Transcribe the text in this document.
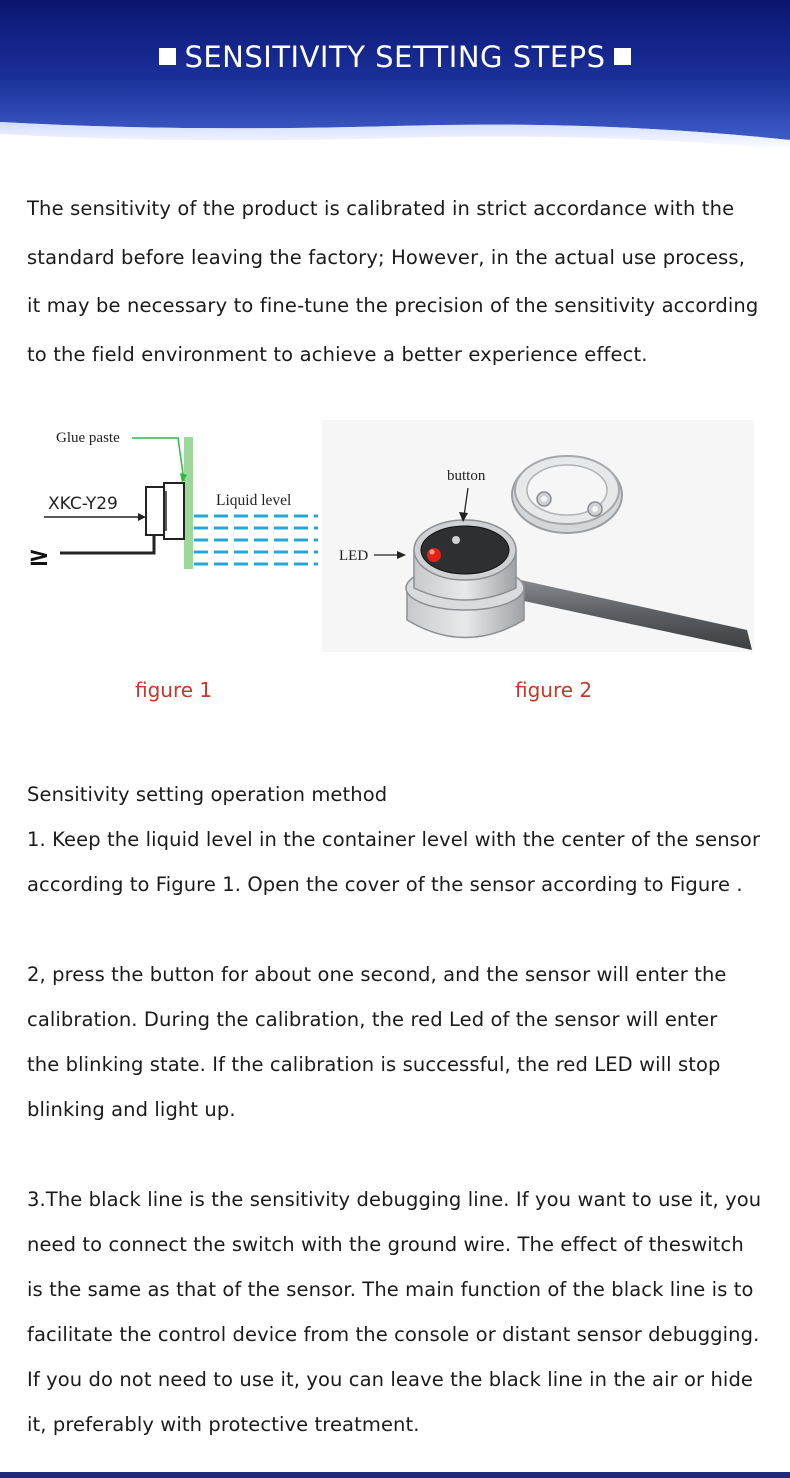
SENSITIVITY SETTING STEPS
The sensitivity of the product is calibrated in strict accordance with the
standard before leaving the factory; However, in the actual use process,
it may be necessary to fine-tune the precision of the sensitivity according
to the field environment to achieve a better experience effect.
≥
Glue paste
XKC-Y29	Liquid level
button
LED
figure 1	figure 2
Sensitivity setting operation method
1. Keep the liquid level in the container level with the center of the sensor
according to Figure 1. Open the cover of the sensor according to Figure .
2, press the button for about one second, and the sensor will enter the
calibration. During the calibration, the red Led of the sensor will enter
the blinking state. If the calibration is successful, the red LED will stop
blinking and light up.
3.The black line is the sensitivity debugging line. If you want to use it, you
need to connect the switch with the ground wire. The effect of theswitch
is the same as that of the sensor. The main function of the black line is to
facilitate the control device from the console or distant sensor debugging.
If you do not need to use it, you can leave the black line in the air or hide
it, preferably with protective treatment.
